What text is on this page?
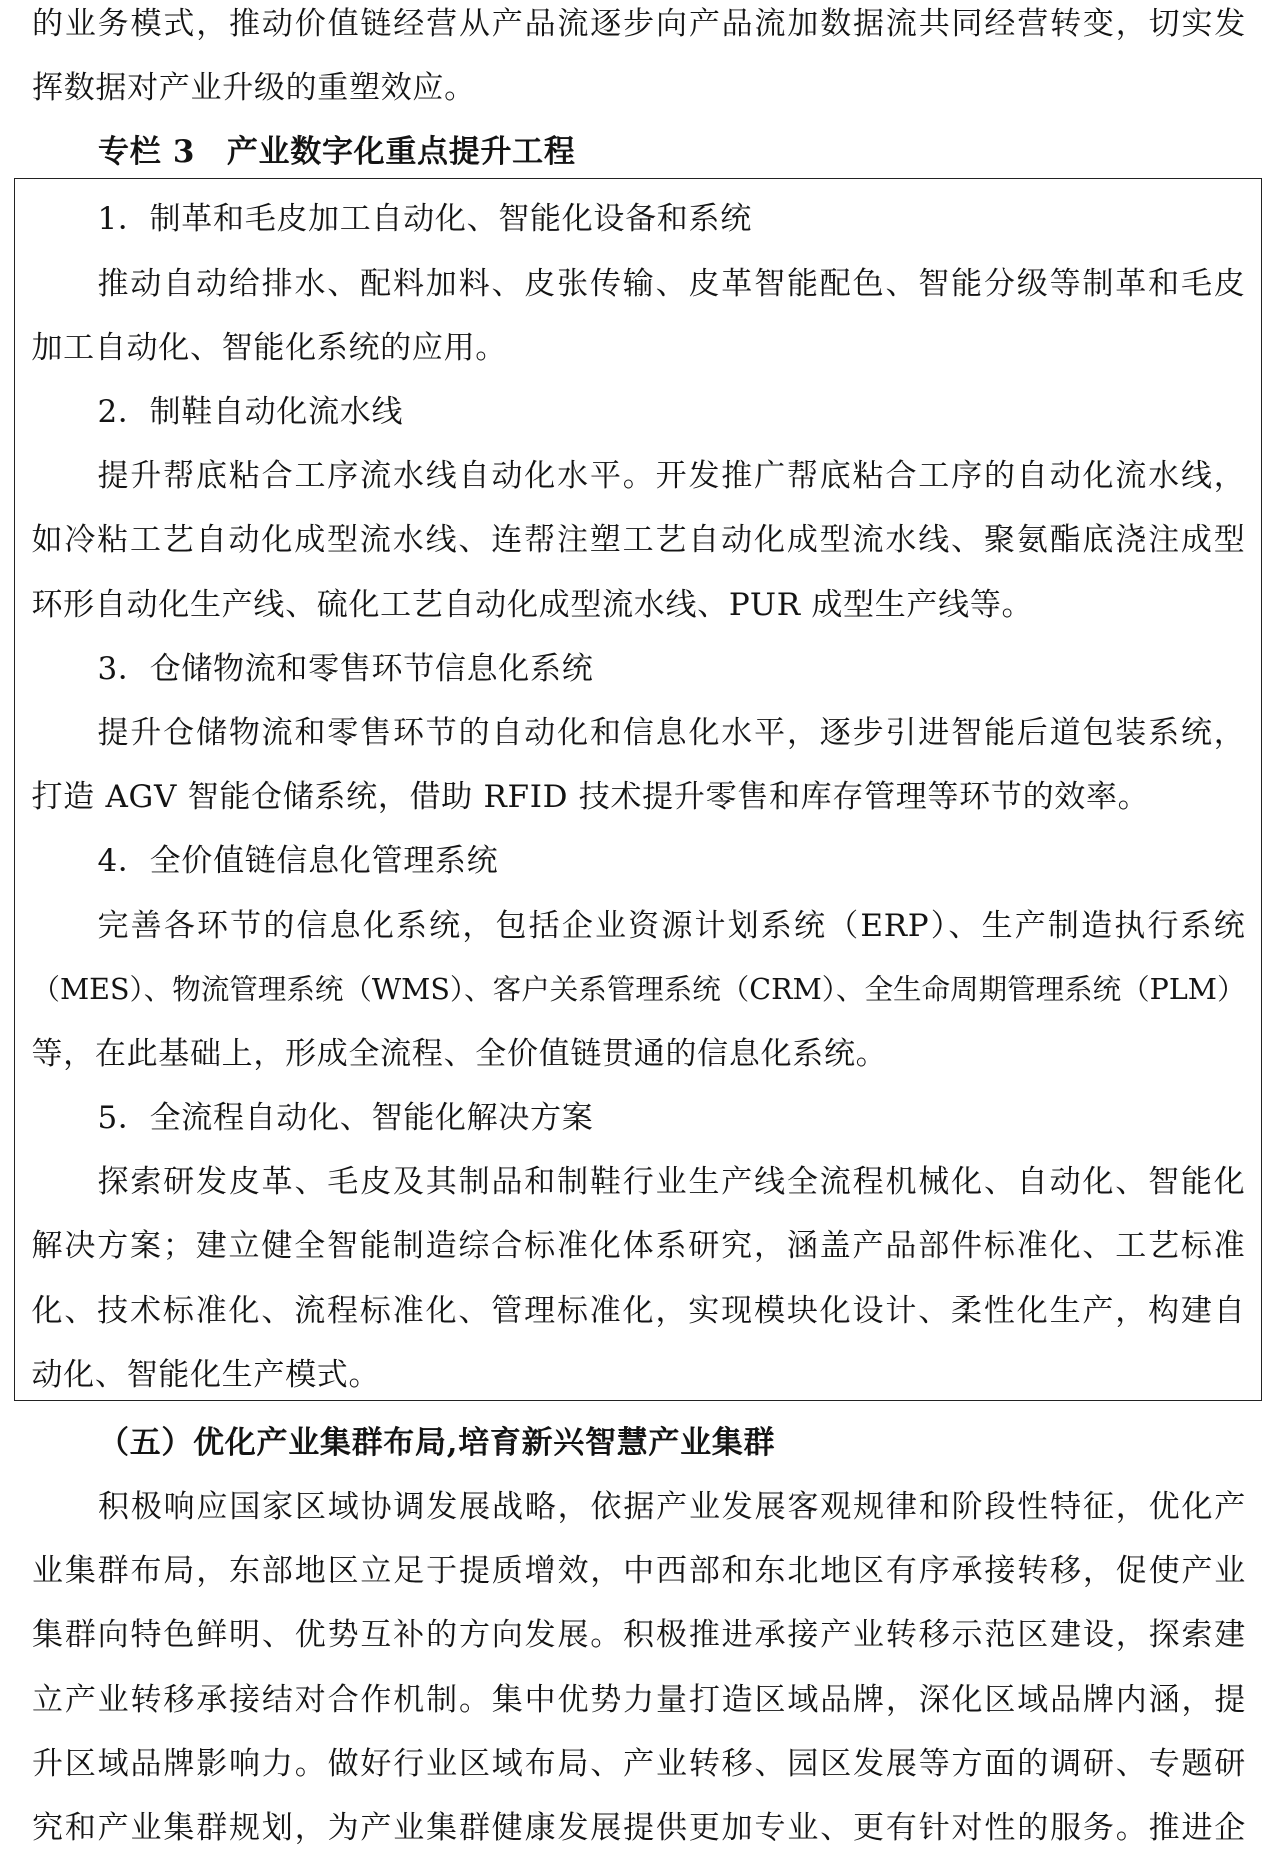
的业务模式，推动价值链经营从产品流逐步向产品流加数据流共同经营转变，切实发
挥数据对产业升级的重塑效应。
专栏 3　产业数字化重点提升工程
1．制革和毛皮加工自动化、智能化设备和系统
推动自动给排水、配料加料、皮张传输、皮革智能配色、智能分级等制革和毛皮
加工自动化、智能化系统的应用。
2．制鞋自动化流水线
提升帮底粘合工序流水线自动化水平。开发推广帮底粘合工序的自动化流水线，
如冷粘工艺自动化成型流水线、连帮注塑工艺自动化成型流水线、聚氨酯底浇注成型
环形自动化生产线、硫化工艺自动化成型流水线、PUR 成型生产线等。
3．仓储物流和零售环节信息化系统
提升仓储物流和零售环节的自动化和信息化水平，逐步引进智能后道包装系统，
打造 AGV 智能仓储系统，借助 RFID 技术提升零售和库存管理等环节的效率。
4．全价值链信息化管理系统
完善各环节的信息化系统，包括企业资源计划系统（ERP）、生产制造执行系统
（MES）、物流管理系统（WMS）、客户关系管理系统（CRM）、全生命周期管理系统（PLM）
等，在此基础上，形成全流程、全价值链贯通的信息化系统。
5．全流程自动化、智能化解决方案
探索研发皮革、毛皮及其制品和制鞋行业生产线全流程机械化、自动化、智能化
解决方案；建立健全智能制造综合标准化体系研究，涵盖产品部件标准化、工艺标准
化、技术标准化、流程标准化、管理标准化，实现模块化设计、柔性化生产，构建自
动化、智能化生产模式。
（五）优化产业集群布局,培育新兴智慧产业集群
积极响应国家区域协调发展战略，依据产业发展客观规律和阶段性特征，优化产
业集群布局，东部地区立足于提质增效，中西部和东北地区有序承接转移，促使产业
集群向特色鲜明、优势互补的方向发展。积极推进承接产业转移示范区建设，探索建
立产业转移承接结对合作机制。集中优势力量打造区域品牌，深化区域品牌内涵，提
升区域品牌影响力。做好行业区域布局、产业转移、园区发展等方面的调研、专题研
究和产业集群规划，为产业集群健康发展提供更加专业、更有针对性的服务。推进企
